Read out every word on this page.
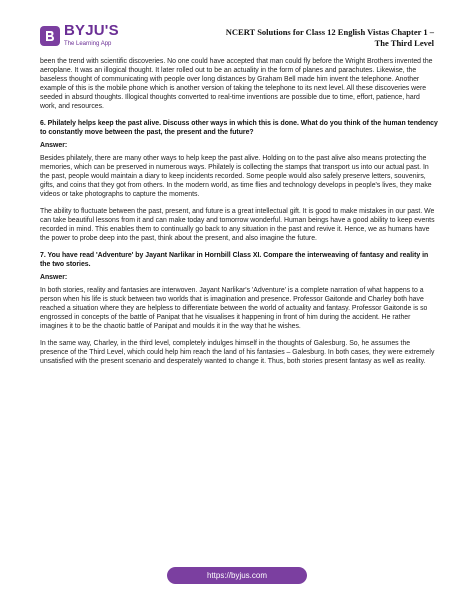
BYJU'S
The Learning App
NCERT Solutions for Class 12 English Vistas Chapter 1 –
The Third Level

been the trend with scientific discoveries. No one could have accepted that man could fly before the Wright Brothers invented the aeroplane. It was an illogical thought. It later rolled out to be an actuality in the form of planes and parachutes. Likewise, the baseless thought of communicating with people over long distances by Graham Bell made him invent the telephone. Another example of this is the mobile phone which is another version of taking the telephone to its next level. All these discoveries were seeded in absurd thoughts. Illogical thoughts converted to real-time inventions are possible due to time, effort, patience, hard work, and resources.

6. Philately helps keep the past alive. Discuss other ways in which this is done. What do you think of the human tendency to constantly move between the past, the present and the future?

Answer:

Besides philately, there are many other ways to help keep the past alive. Holding on to the past alive also means protecting the memories, which can be preserved in numerous ways. Philately is collecting the stamps that transport us into our actual past. In the past, people would maintain a diary to keep incidents recorded. Some people would also safely preserve letters, souvenirs, gifts, and coins that they got from others. In the modern world, as time flies and technology develops in people's lives, they make videos or take photographs to capture the moments.

The ability to fluctuate between the past, present, and future is a great intellectual gift. It is good to make mistakes in our past. We can take beautiful lessons from it and can make today and tomorrow wonderful. Human beings have a good ability to keep events recorded in mind. This enables them to continually go back to any situation in the past and revive it. Hence, we as humans have the power to probe deep into the past, think about the present, and also imagine the future.

7. You have read 'Adventure' by Jayant Narlikar in Hornbill Class XI. Compare the interweaving of fantasy and reality in the two stories.

Answer:

In both stories, reality and fantasies are interwoven. Jayant Narlikar's 'Adventure' is a complete narration of what happens to a person when his life is stuck between two worlds that is imagination and presence. Professor Gaitonde and Charley both have reached a situation where they are helpless to differentiate between the world of actuality and fantasy. Professor Gaitonde is so engrossed in concepts of the battle of Panipat that he visualises it happening in front of him during the accident. He rather imagines it to be the chaotic battle of Panipat and moulds it in the way that he wishes.

In the same way, Charley, in the third level, completely indulges himself in the thoughts of Galesburg. So, he assumes the presence of the Third Level, which could help him reach the land of his fantasies – Galesburg. In both cases, they were extremely unsatisfied with the present scenario and desperately wanted to change it. Thus, both stories present fantasy as well as reality.

https://byjus.com
